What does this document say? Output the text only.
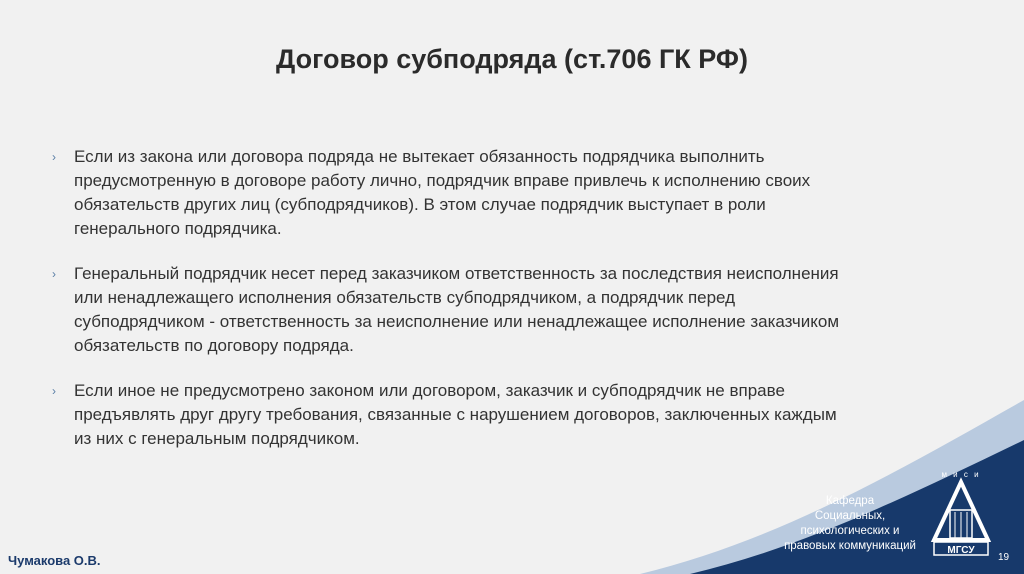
Договор субподряда (ст.706 ГК РФ)
› Если из закона или договора подряда не вытекает обязанность подрядчика выполнить предусмотренную в договоре работу лично, подрядчик вправе привлечь к исполнению своих обязательств других лиц (субподрядчиков). В этом случае подрядчик выступает в роли генерального подрядчика.
› Генеральный подрядчик несет перед заказчиком ответственность за последствия неисполнения или ненадлежащего исполнения обязательств субподрядчиком, а подрядчик перед субподрядчиком - ответственность за неисполнение или ненадлежащее исполнение заказчиком обязательств по договору подряда.
› Если иное не предусмотрено законом или договором, заказчик и субподрядчик не вправе предъявлять друг другу требования, связанные с нарушением договоров, заключенных каждым из них с генеральным подрядчиком.
Кафедра
Социальных,
психологических и
правовых коммуникаций
м и с и
МГСУ
Чумакова О.В.	19
